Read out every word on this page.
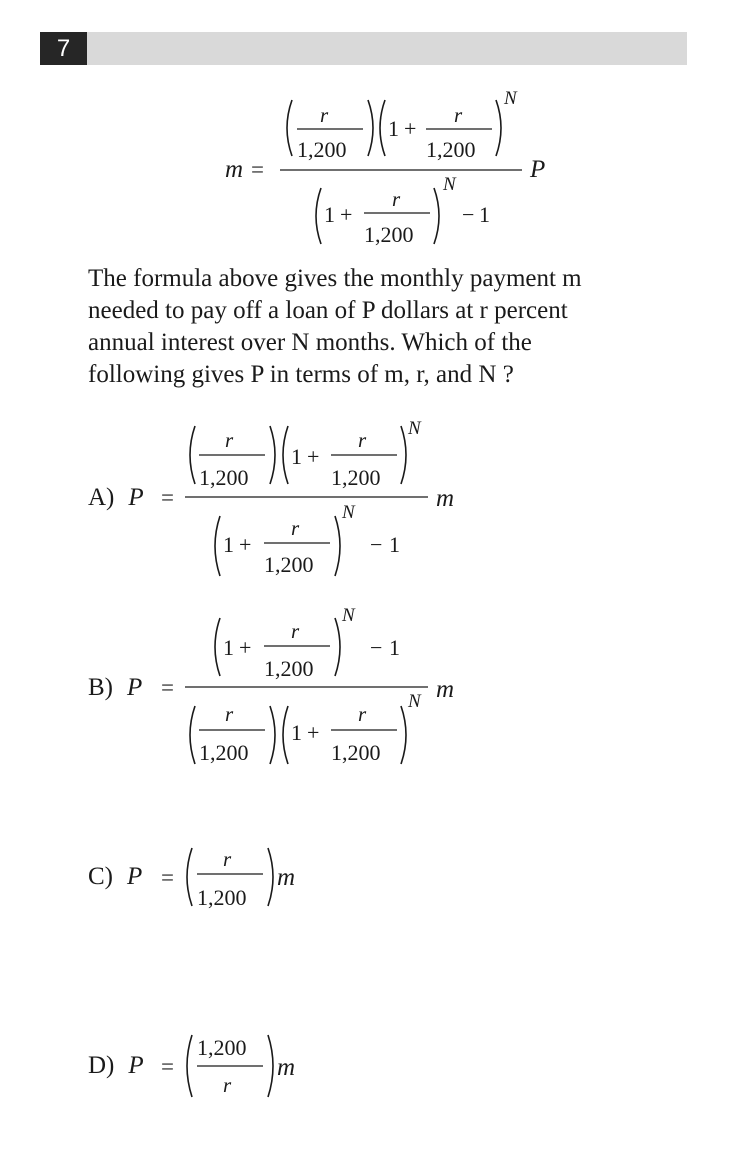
7

The formula above gives the monthly payment m

needed to pay off a loan of P dollars at r percent

annual interest over N months. Which of the

following gives P in terms of m, r, and N ?

A) P
B) P
C) P
D) P
m =	P
r
1,200
1 +
r
1,200
N
1 +
r
1,200
N
− 1
=	m
r
1,200
1 +
r
1,200
N
1 +
r
1,200
N
− 1
=	m
1 +
r
1,200
N
− 1
r
1,200
1 +
r
1,200
N
=
r
1,200
m
=
1,200
r
m
